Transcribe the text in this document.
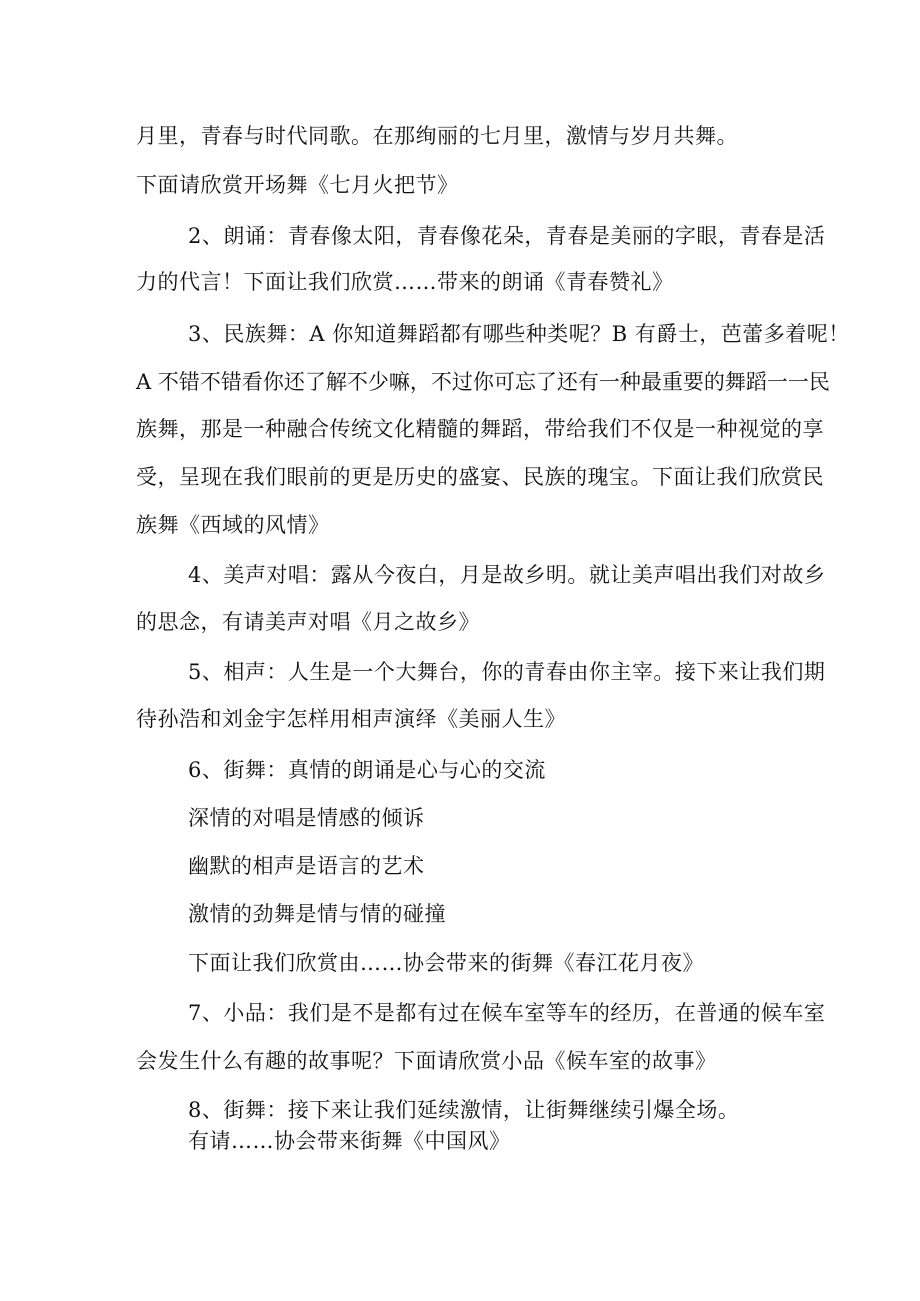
月里，青春与时代同歌。在那绚丽的七月里，激情与岁月共舞。
下面请欣赏开场舞《七月火把节》
2、朗诵：青春像太阳，青春像花朵，青春是美丽的字眼，青春是活
力的代言！下面让我们欣赏……带来的朗诵《青春赞礼》
3、民族舞：A 你知道舞蹈都有哪些种类呢？B 有爵士，芭蕾多着呢！
A 不错不错看你还了解不少嘛，不过你可忘了还有一种最重要的舞蹈一一民
族舞，那是一种融合传统文化精髓的舞蹈，带给我们不仅是一种视觉的享
受，呈现在我们眼前的更是历史的盛宴、民族的瑰宝。下面让我们欣赏民
族舞《西域的风情》
4、美声对唱：露从今夜白，月是故乡明。就让美声唱出我们对故乡
的思念，有请美声对唱《月之故乡》
5、相声：人生是一个大舞台，你的青春由你主宰。接下来让我们期
待孙浩和刘金宇怎样用相声演绎《美丽人生》
6、街舞：真情的朗诵是心与心的交流
深情的对唱是情感的倾诉
幽默的相声是语言的艺术
激情的劲舞是情与情的碰撞
下面让我们欣赏由……协会带来的街舞《春江花月夜》
7、小品：我们是不是都有过在候车室等车的经历，在普通的候车室
会发生什么有趣的故事呢？下面请欣赏小品《候车室的故事》
8、街舞：接下来让我们延续激情，让街舞继续引爆全场。
有请……协会带来街舞《中国风》
